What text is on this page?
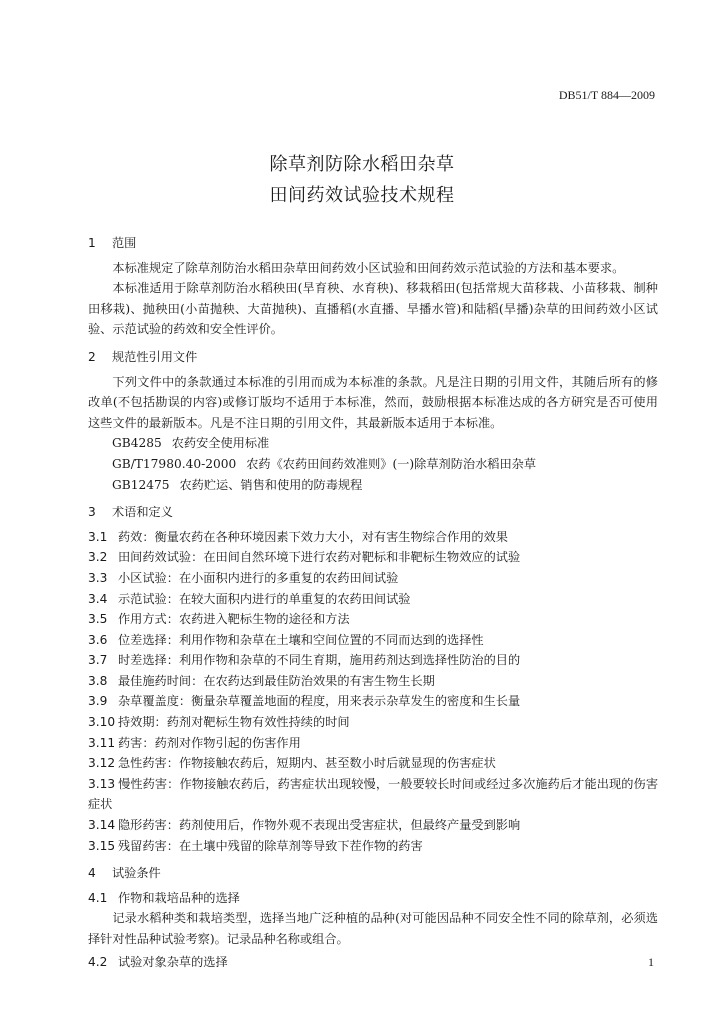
DB51/T 884—2009
除草剂防除水稻田杂草
田间药效试验技术规程
1 范围
本标准规定了除草剂防治水稻田杂草田间药效小区试验和田间药效示范试验的方法和基本要求。
本标准适用于除草剂防治水稻秧田(旱育秧、水育秧)、移栽稻田(包括常规大苗移栽、小苗移栽、制种田移栽)、抛秧田(小苗抛秧、大苗抛秧)、直播稻(水直播、旱播水管)和陆稻(旱播)杂草的田间药效小区试验、示范试验的药效和安全性评价。
2 规范性引用文件
下列文件中的条款通过本标准的引用而成为本标准的条款。凡是注日期的引用文件，其随后所有的修改单(不包括勘误的内容)或修订版均不适用于本标准，然而，鼓励根据本标准达成的各方研究是否可使用这些文件的最新版本。凡是不注日期的引用文件，其最新版本适用于本标准。
GB4285 农药安全使用标准
GB/T17980.40-2000 农药《农药田间药效准则》(一)除草剂防治水稻田杂草
GB12475 农药贮运、销售和使用的防毒规程
3 术语和定义
3.1 药效：衡量农药在各种环境因素下效力大小，对有害生物综合作用的效果
3.2 田间药效试验：在田间自然环境下进行农药对靶标和非靶标生物效应的试验
3.3 小区试验：在小面积内进行的多重复的农药田间试验
3.4 示范试验：在较大面积内进行的单重复的农药田间试验
3.5 作用方式：农药进入靶标生物的途径和方法
3.6 位差选择：利用作物和杂草在土壤和空间位置的不同而达到的选择性
3.7 时差选择：利用作物和杂草的不同生育期，施用药剂达到选择性防治的目的
3.8 最佳施药时间：在农药达到最佳防治效果的有害生物生长期
3.9 杂草覆盖度：衡量杂草覆盖地面的程度，用来表示杂草发生的密度和生长量
3.10 持效期：药剂对靶标生物有效性持续的时间
3.11 药害：药剂对作物引起的伤害作用
3.12 急性药害：作物接触农药后，短期内、甚至数小时后就显现的伤害症状
3.13 慢性药害：作物接触农药后，药害症状出现较慢，一般要较长时间或经过多次施药后才能出现的伤害症状
3.14 隐形药害：药剂使用后，作物外观不表现出受害症状，但最终产量受到影响
3.15 残留药害：在土壤中残留的除草剂等导致下茬作物的药害
4 试验条件
4.1 作物和栽培品种的选择
记录水稻种类和栽培类型，选择当地广泛种植的品种(对可能因品种不同安全性不同的除草剂，必须选择针对性品种试验考察)。记录品种名称或组合。
4.2 试验对象杂草的选择	1
